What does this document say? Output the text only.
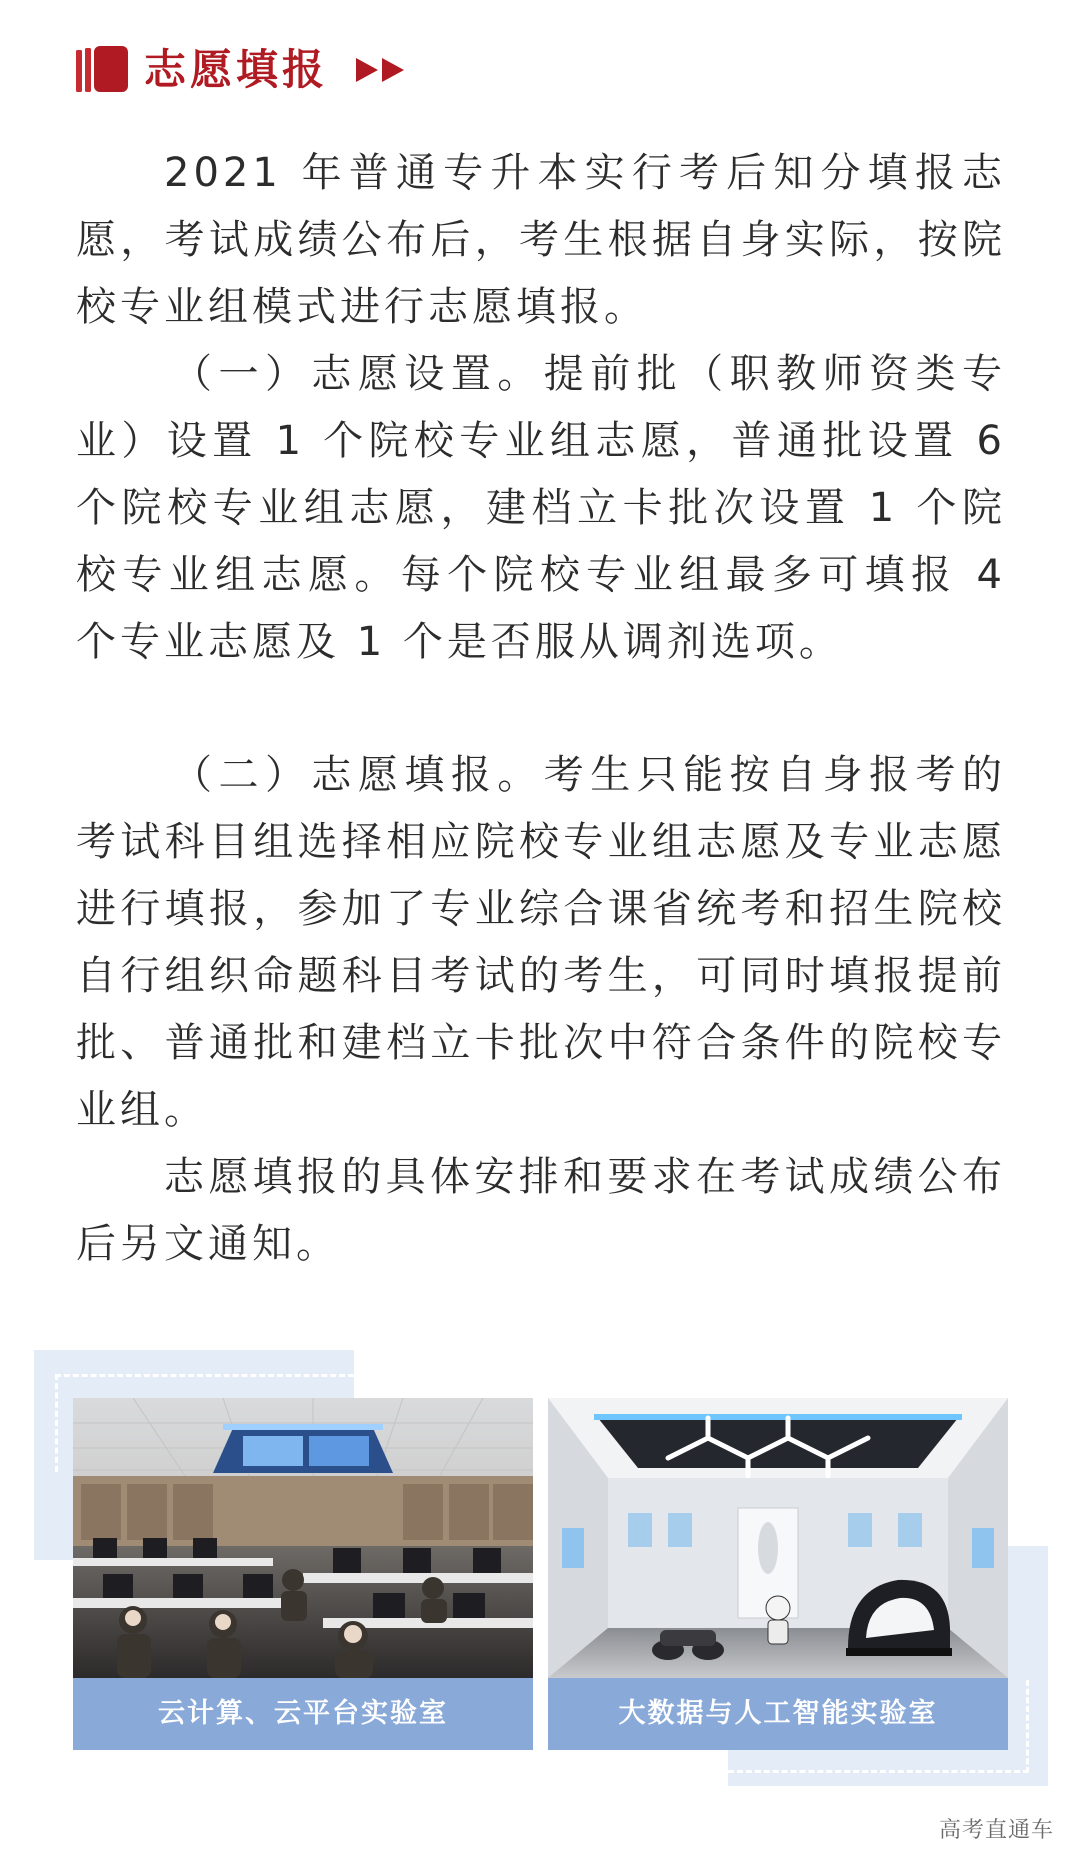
志愿填报

2021 年普通专升本实行考后知分填报志愿，考试成绩公布后，考生根据自身实际，按院校专业组模式进行志愿填报。

（一）志愿设置。提前批（职教师资类专业）设置 1 个院校专业组志愿，普通批设置 6 个院校专业组志愿，建档立卡批次设置 1 个院校专业组志愿。每个院校专业组最多可填报 4 个专业志愿及 1 个是否服从调剂选项。

（二）志愿填报。考生只能按自身报考的考试科目组选择相应院校专业组志愿及专业志愿进行填报，参加了专业综合课省统考和招生院校自行组织命题科目考试的考生，可同时填报提前批、普通批和建档立卡批次中符合条件的院校专业组。

志愿填报的具体安排和要求在考试成绩公布后另文通知。

云计算、云平台实验室	大数据与人工智能实验室
高考直通车
